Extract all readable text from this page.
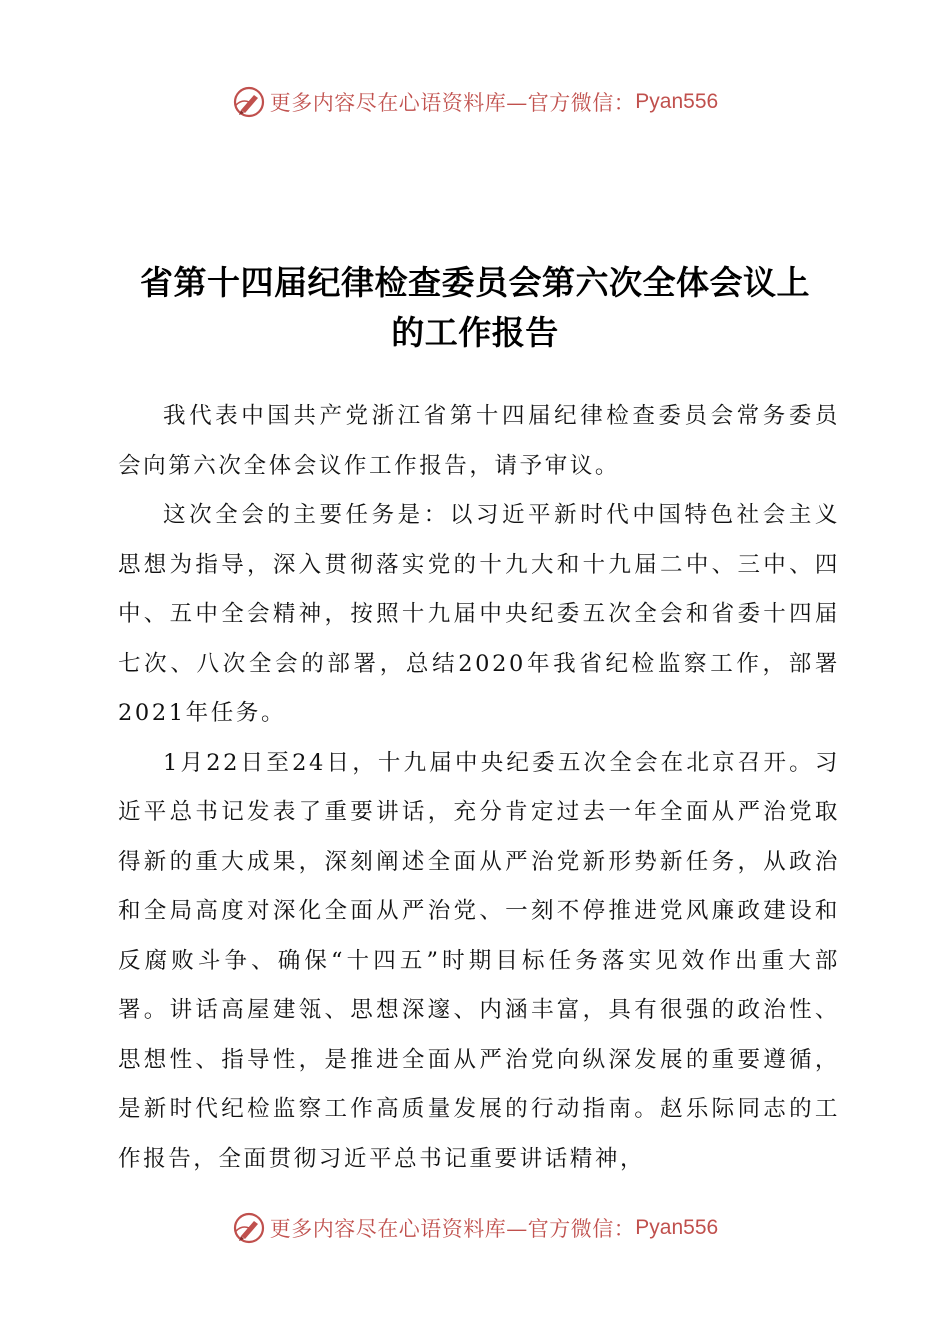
更多内容尽在心语资料库—官方微信： Pyan556
省第十四届纪律检查委员会第六次全体会议上
的工作报告

我代表中国共产党浙江省第十四届纪律检查委员会常务委员会向第六次全体会议作工作报告，请予审议。

这次全会的主要任务是：以习近平新时代中国特色社会主义思想为指导，深入贯彻落实党的十九大和十九届二中、三中、四中、五中全会精神，按照十九届中央纪委五次全会和省委十四届七次、八次全会的部署，总结2020年我省纪检监察工作，部署2021年任务。

1月22日至24日，十九届中央纪委五次全会在北京召开。习近平总书记发表了重要讲话，充分肯定过去一年全面从严治党取得新的重大成果，深刻阐述全面从严治党新形势新任务，从政治和全局高度对深化全面从严治党、一刻不停推进党风廉政建设和反腐败斗争、确保“十四五”时期目标任务落实见效作出重大部署。讲话高屋建瓴、思想深邃、内涵丰富，具有很强的政治性、思想性、指导性，是推进全面从严治党向纵深发展的重要遵循，是新时代纪检监察工作高质量发展的行动指南。赵乐际同志的工作报告，全面贯彻习近平总书记重要讲话精神，

更多内容尽在心语资料库—官方微信： Pyan556
